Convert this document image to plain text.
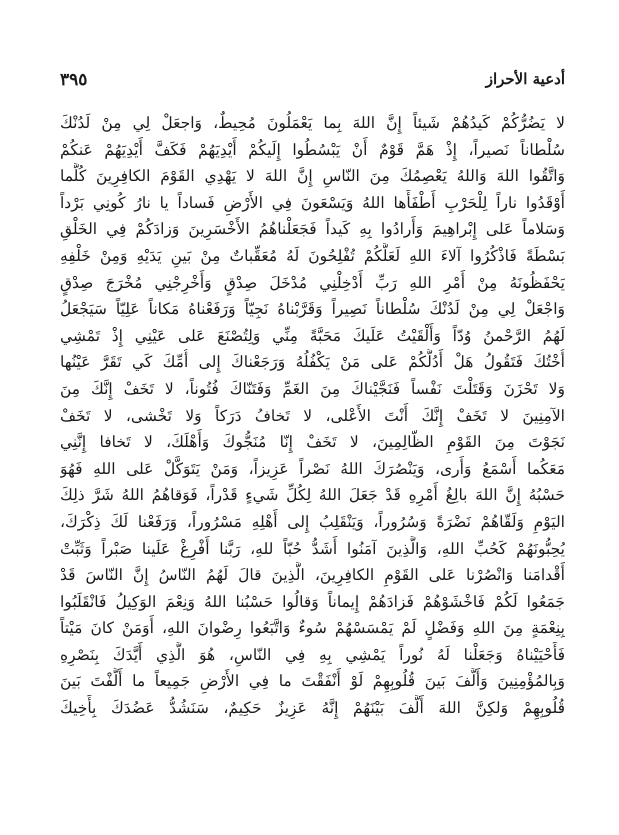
أدعية الأحراز
٣٩٥
لا يَضُرُّكُمْ كَيدُهُمْ شَيئاً إِنَّ اللهَ بِما يَعْمَلُونَ مُحِيطٌ، وَاجعَلْ لِي مِنْ لَدُنْكَ
سُلْطاناً نَصيراً، إِذْ هَمَّ قَوْمٌ أَنْ يَبْسُطُوا إِلَيكُمْ أَيْدِيَهُمْ فَكَفَّ أَيْدِيَهُمْ عَنكُمْ
وَاتَّقُوا اللهَ وَاللهُ يَعْصِمُكَ مِنَ النّاسِ إِنَّ اللهَ لا يَهْدِي القَوْمَ الكافِرِينَ كُلَّما
أَوْقَدُوا ناراً لِلْحَرْبِ أَطْفَأَها اللهُ وَيَسْعَونَ فِي الأَرْضِ فَساداً يا نارُ كُونِي بَرْداً
وَسَلاماً عَلى إِبْراهِيمَ وَأَرادُوا بِهِ كَيداً فَجَعَلْناهُمُ الأَخْسَرِينَ وَزادَكُمْ فِي الخَلْقِ
بَسْطَةً فَاذْكُرُوا آلاءَ اللهِ لَعَلَّكُمْ تُفْلِحُونَ لَهُ مُعَقِّباتٌ مِنْ بَينِ يَدَيْهِ وَمِنْ خَلْفِهِ
يَحْفَظُونَهُ مِنْ أَمْرِ اللهِ رَبِّ أَدْخِلْنِي مُدْخَلَ صِدْقٍ وَأَخْرِجْنِي مُخْرَجَ صِدْقٍ
وَاجْعَلْ لِي مِنْ لَدُنْكَ سُلْطاناً نَصِيراً وَقَرَّبْناهُ نَجِيّاً وَرَفَعْناهُ مَكاناً عَلِيّاً سَيَجْعَلُ
لَهُمُ الرَّحْمنُ وُدّاً وَأَلْقَيْتُ عَلَيكَ مَحَبَّةً مِنِّي وَلِتُصْنَعَ عَلى عَيْنِي إِذْ تَمْشِي
أُخْتُكَ فَتَقُولُ هَلْ أَدُلُّكُمْ عَلى مَنْ يَكْفُلُهُ وَرَجَعْناكَ إِلى أُمِّكَ كَي تَقَرَّ عَيْنُها
وَلا تَحْزَنَ وَقَتَلْتَ نَفْساً فَنَجَّيْناكَ مِنَ الغَمِّ وَفَتَنّاكَ فُتُوناً، لا تَخَفْ إِنَّكَ مِنَ
الآمِنِينَ لا تَخَفْ إِنَّكَ أَنْتَ الأَعْلى، لا تَخافُ دَرَكاً وَلا تَخْشى، لا تَخَفْ
نَجَوْتَ مِنَ القَوْمِ الظّالِمِينَ، لا تَخَفْ إِنّا مُنَجُّوكَ وَأَهْلَكَ، لا تَخافا إِنَّنِي
مَعَكُما أَسْمَعُ وَأَرى، وَيَنْصُرَكَ اللهُ نَصْراً عَزِيزاً، وَمَنْ يَتَوَكَّلْ عَلى اللهِ فَهُوَ
حَسْبُهُ إِنَّ اللهَ بالِغُ أَمْرِهِ قَدْ جَعَلَ اللهُ لِكُلِّ شَيءٍ قَدْراً، فَوَقاهُمُ اللهُ شَرَّ ذلِكَ
اليَوْمِ وَلَقّاهُمْ نَضْرَةً وَسُرُوراً، وَيَنْقَلِبُ إِلى أَهْلِهِ مَسْرُوراً، وَرَفَعْنا لَكَ ذِكْرَكَ،
يُحِبُّونَهُمْ كَحُبِّ اللهِ، وَالَّذِينَ آمَنُوا أَشَدُّ حُبّاً للهِ، رَبَّنا أَفْرِغْ عَلَينا صَبْراً وَثَبِّتْ
أَقْدامَنا وَانْصُرْنا عَلى القَوْمِ الكافِرِينَ، الَّذِينَ قالَ لَهُمُ النّاسُ إِنَّ النّاسَ قَدْ
جَمَعُوا لَكُمْ فَاخْشَوْهُمْ فَزادَهُمْ إِيماناً وَقالُوا حَسْبُنا اللهُ وَنِعْمَ الوَكِيلُ فَانْقَلَبُوا
بِنِعْمَةٍ مِنَ اللهِ وَفَضْلٍ لَمْ يَمْسَسْهُمْ سُوءٌ وَاتَّبَعُوا رِضْوانَ اللهِ، أَوَمَنْ كانَ مَيْتاً
فَأَحْيَيْناهُ وَجَعَلْنا لَهُ نُوراً يَمْشِي بِهِ فِي النّاسِ، هُوَ الَّذِي أَيَّدَكَ بِنَصْرِهِ
وَبِالمُؤْمِنِينَ وَأَلَّفَ بَينَ قُلُوبِهِمْ لَوْ أَنْفَقْتَ ما فِي الأَرْضِ جَمِيعاً ما أَلَّفْتَ بَينَ
قُلُوبِهِمْ وَلكِنَّ اللهَ أَلَّفَ بَيْنَهُمْ إِنَّهُ عَزِيزٌ حَكِيمٌ، سَنَشُدُّ عَضُدَكَ بِأَخِيكَ
